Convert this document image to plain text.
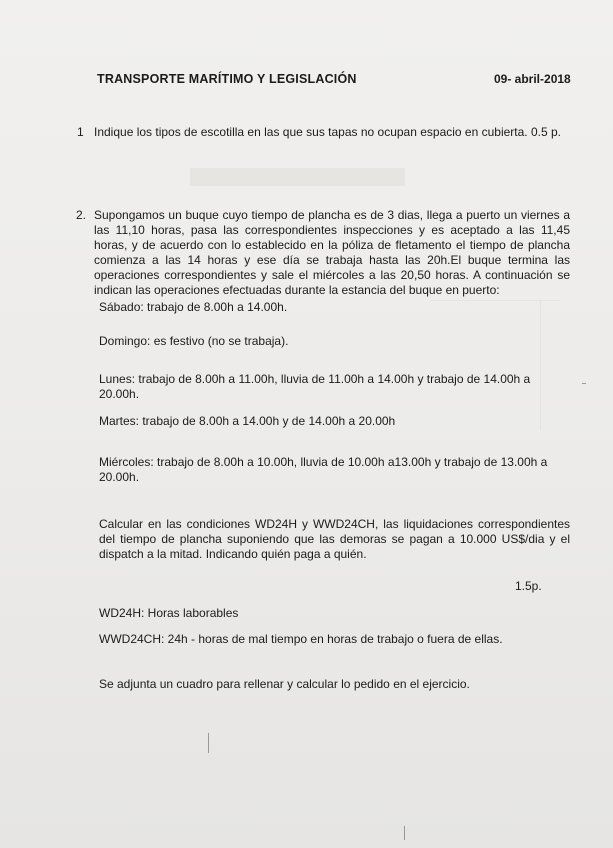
TRANSPORTE MARÍTIMO Y LEGISLACIÓN	09- abril-2018
1 Indique los tipos de escotilla en las que sus tapas no ocupan espacio en cubierta. 0.5 p.
2. Supongamos un buque cuyo tiempo de plancha es de 3 dias, llega a puerto un viernes a las 11,10 horas, pasa las correspondientes inspecciones y es aceptado a las 11,45 horas, y de acuerdo con lo establecido en la póliza de fletamento el tiempo de plancha comienza a las 14 horas y ese día se trabaja hasta las 20h.El buque termina las operaciones correspondientes y sale el miércoles a las 20,50 horas. A continuación se indican las operaciones efectuadas durante la estancia del buque en puerto:
Sábado: trabajo de 8.00h a 14.00h.
Domingo: es festivo (no se trabaja).
Lunes: trabajo de 8.00h a 11.00h, lluvia de 11.00h a 14.00h y trabajo de 14.00h a 20.00h.
Martes: trabajo de 8.00h a 14.00h y de 14.00h a 20.00h
Miércoles: trabajo de 8.00h a 10.00h, lluvia de 10.00h a13.00h y trabajo de 13.00h a 20.00h.
Calcular en las condiciones WD24H y WWD24CH, las liquidaciones correspondientes del tiempo de plancha suponiendo que las demoras se pagan a 10.000 US$/dia y el dispatch a la mitad. Indicando quién paga a quién.
1.5p.
WD24H: Horas laborables
WWD24CH: 24h - horas de mal tiempo en horas de trabajo o fuera de ellas.
Se adjunta un cuadro para rellenar y calcular lo pedido en el ejercicio.
